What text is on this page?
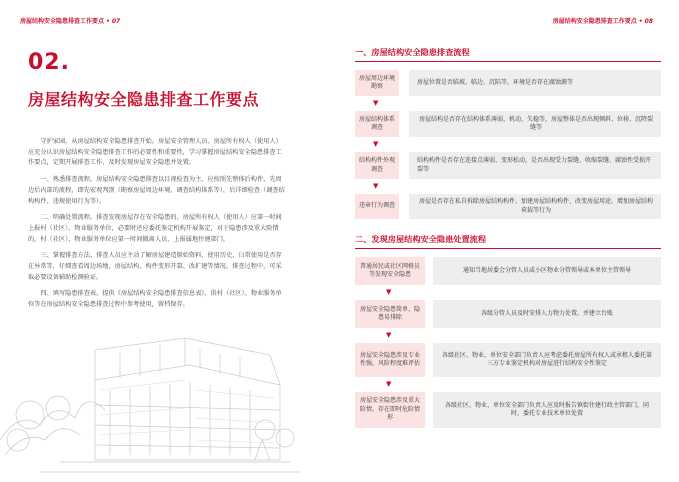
房屋结构安全隐患排查工作要点 • 07
02.
房屋结构安全隐患排查工作要点

守护家园，从房屋结构安全隐患排查开始。房屋安全管理人员、房屋所有权人（使用人）应充分认识房屋结构安全隐患排查工作的必要性和重要性，学习掌握房屋结构安全隐患排查工作要点，定期开展排查工作，及时发现房屋安全隐患并处置。

一、熟悉排查流程。房屋结构安全隐患排查以目视检查为主，应按照先整体后构件、先周边后内部的流程，即先宏观判别（勘察房屋周边环境、调查结构体系等），后详细检查（调查结构构件、违规使用行为等）。

二、明确处置流程。排查发现房屋存在安全隐患的，房屋所有权人（使用人）应第一时间上报村（社区）、物业服务单位，必要时还应委托鉴定机构开展鉴定，对于隐患涉及重大险情的，村（社区）、物业服务单位应第一时间撤离人员、上报属地住建部门。

三、掌握排查方法。排查人员应主动了解房屋建造原始资料、使用历史、日常使用是否存在异常等，仔细查看周边场地、房屋结构、构件变形开裂、改扩建等情况。排查过程中，可采取必要设备辅助检测验证。

四、填写隐患排查表。提供《房屋结构安全隐患排查信息表》，供村（社区）、物业服务单位等在房屋结构安全隐患排查过程中参考使用，留档保存。

房屋结构安全隐患排查工作要点 • 08
一、房屋结构安全隐患排查流程
房屋周边环境勘察
房屋位置是否临坡、临边、沉陷等，环境是否存在腐蚀源等
▼
房屋结构体系调查
房屋结构是否存在结构体系薄弱、机动、失稳等，房屋整体是否出现倾斜、位移、沉降裂缝等
▼
结构构件外观调查
结构构件是否存在连接点薄弱、变形松动，是否出现受力裂缝、收缩裂缝、腐蚀性受损开裂等
▼
违章行为调查
房屋是否存在私自拆除房屋结构构件、加建房屋结构构件、改变房屋用途、增加房屋结构荷载等行为
二、发现房屋结构安全隐患处置流程
普通居民或社区网格员等发现安全隐患
通知当地居委会分管人员或小区物业分管领导或本单位主管领导
▼
房屋安全隐患简单、隐患易排除
各级分管人员及时安排人力物力处置，并建立台账
▼
房屋安全隐患涉及专业性强，风险程度难评估
各级社区、物业、单位安全部门负责人应考虑委托房屋所有权人或承租人委托第三方专业鉴定机构对房屋进行结构安全性鉴定
▼
房屋安全隐患涉及重大险情，存在即时危险情形
各级社区、物业、单位安全部门负责人应及时报告镇街住建行政主管部门，同时，委托专业技术单位处置
